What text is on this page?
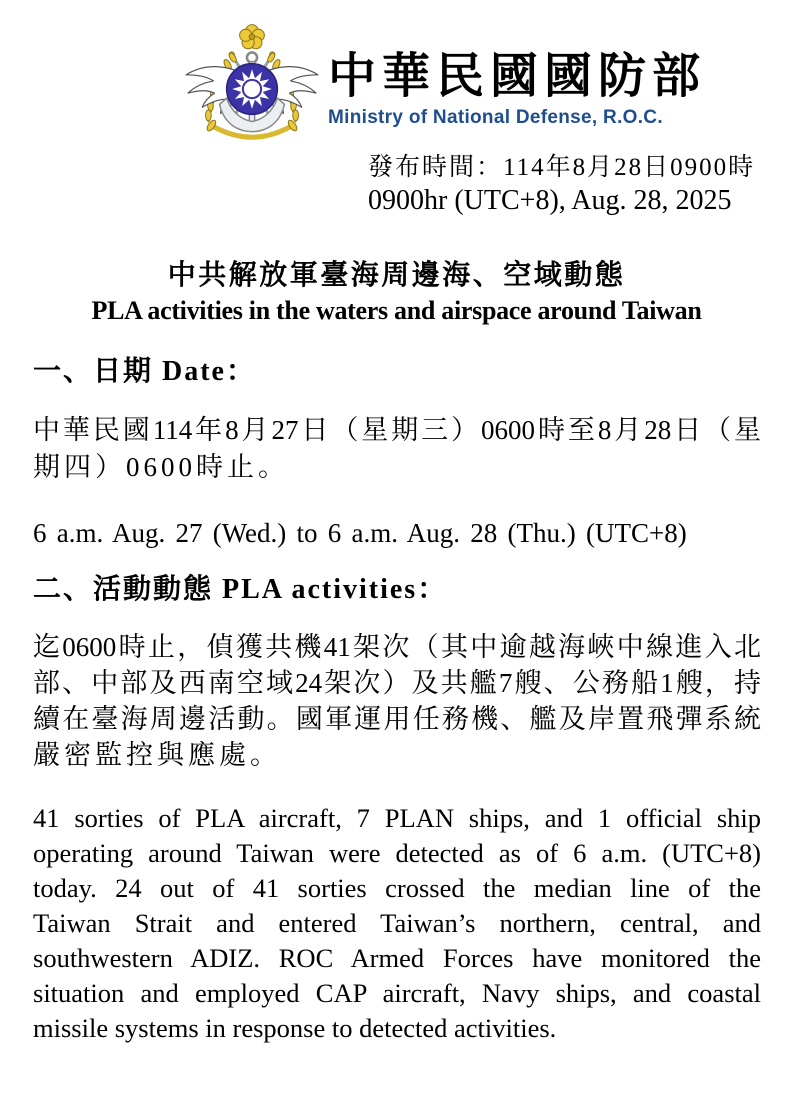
中華民國國防部
Ministry of National Defense, R.O.C.
發布時間：114年8月28日0900時
0900hr (UTC+8), Aug. 28, 2025
中共解放軍臺海周邊海、空域動態
PLA activities in the waters and airspace around Taiwan
一、日期 Date：
中華民國114年8月27日（星期三）0600時至8月28日（星
期四）0600時止。
6 a.m. Aug. 27 (Wed.) to 6 a.m. Aug. 28 (Thu.) (UTC+8)
二、活動動態 PLA activities：
迄0600時止，偵獲共機41架次（其中逾越海峽中線進入北
部、中部及西南空域24架次）及共艦7艘、公務船1艘，持
續在臺海周邊活動。國軍運用任務機、艦及岸置飛彈系統
嚴密監控與應處。
41 sorties of PLA aircraft, 7 PLAN ships, and 1 official ship
operating around Taiwan were detected as of 6 a.m. (UTC+8)
today. 24 out of 41 sorties crossed the median line of the
Taiwan Strait and entered Taiwan’s northern, central, and
southwestern ADIZ. ROC Armed Forces have monitored the
situation and employed CAP aircraft, Navy ships, and coastal
missile systems in response to detected activities.
